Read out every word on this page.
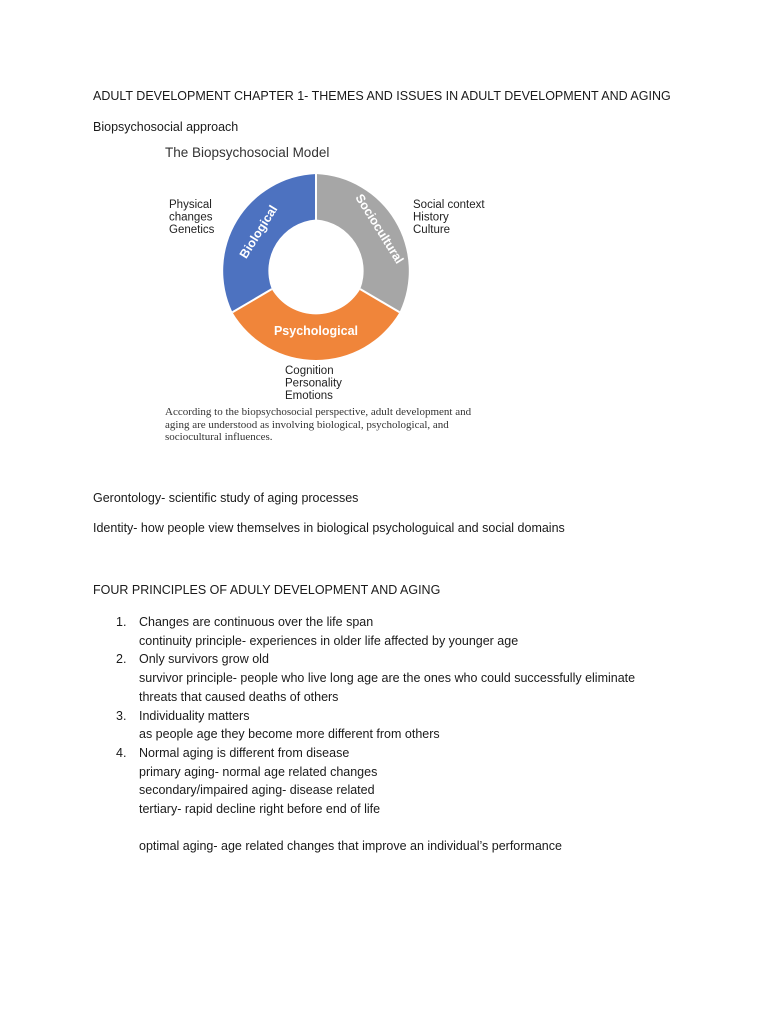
ADULT DEVELOPMENT CHAPTER 1- THEMES AND ISSUES IN ADULT DEVELOPMENT AND AGING
Biopsychosocial approach
The Biopsychosocial Model
Biological	Sociocultural
Psychological
Physical
changes
Genetics
Social context
History
Culture
Cognition
Personality
Emotions
According to the biopsychosocial perspective, adult development and
aging are understood as involving biological, psychological, and
sociocultural influences.
Gerontology- scientific study of aging processes
Identity- how people view themselves in biological psychologuical and social domains
FOUR PRINCIPLES OF ADULY DEVELOPMENT AND AGING
1. Changes are continuous over the life span
continuity principle- experiences in older life affected by younger age
2. Only survivors grow old
survivor principle- people who live long age are the ones who could successfully eliminate
threats that caused deaths of others
3. Individuality matters
as people age they become more different from others
4. Normal aging is different from disease
primary aging- normal age related changes
secondary/impaired aging- disease related
tertiary- rapid decline right before end of life
optimal aging- age related changes that improve an individual’s performance
